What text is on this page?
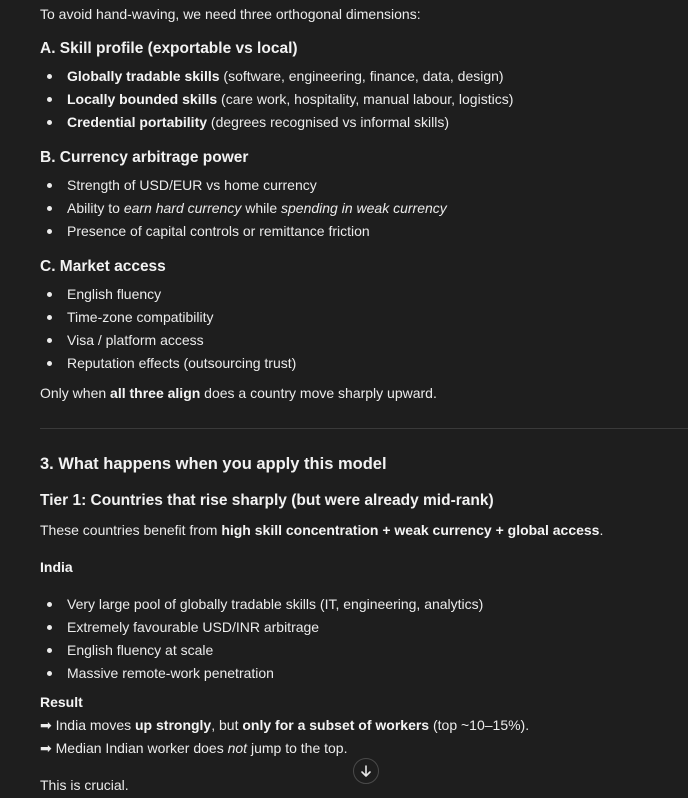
To avoid hand-waving, we need three orthogonal dimensions:
A. Skill profile (exportable vs local)
Globally tradable skills (software, engineering, finance, data, design)
Locally bounded skills (care work, hospitality, manual labour, logistics)
Credential portability (degrees recognised vs informal skills)
B. Currency arbitrage power
Strength of USD/EUR vs home currency
Ability to earn hard currency while spending in weak currency
Presence of capital controls or remittance friction
C. Market access
English fluency
Time-zone compatibility
Visa / platform access
Reputation effects (outsourcing trust)
Only when all three align does a country move sharply upward.
3. What happens when you apply this model
Tier 1: Countries that rise sharply (but were already mid-rank)
These countries benefit from high skill concentration + weak currency + global access.
India
Very large pool of globally tradable skills (IT, engineering, analytics)
Extremely favourable USD/INR arbitrage
English fluency at scale
Massive remote-work penetration
Result
➡ India moves up strongly, but only for a subset of workers (top ~10–15%).
➡ Median Indian worker does not jump to the top.
This is crucial.
